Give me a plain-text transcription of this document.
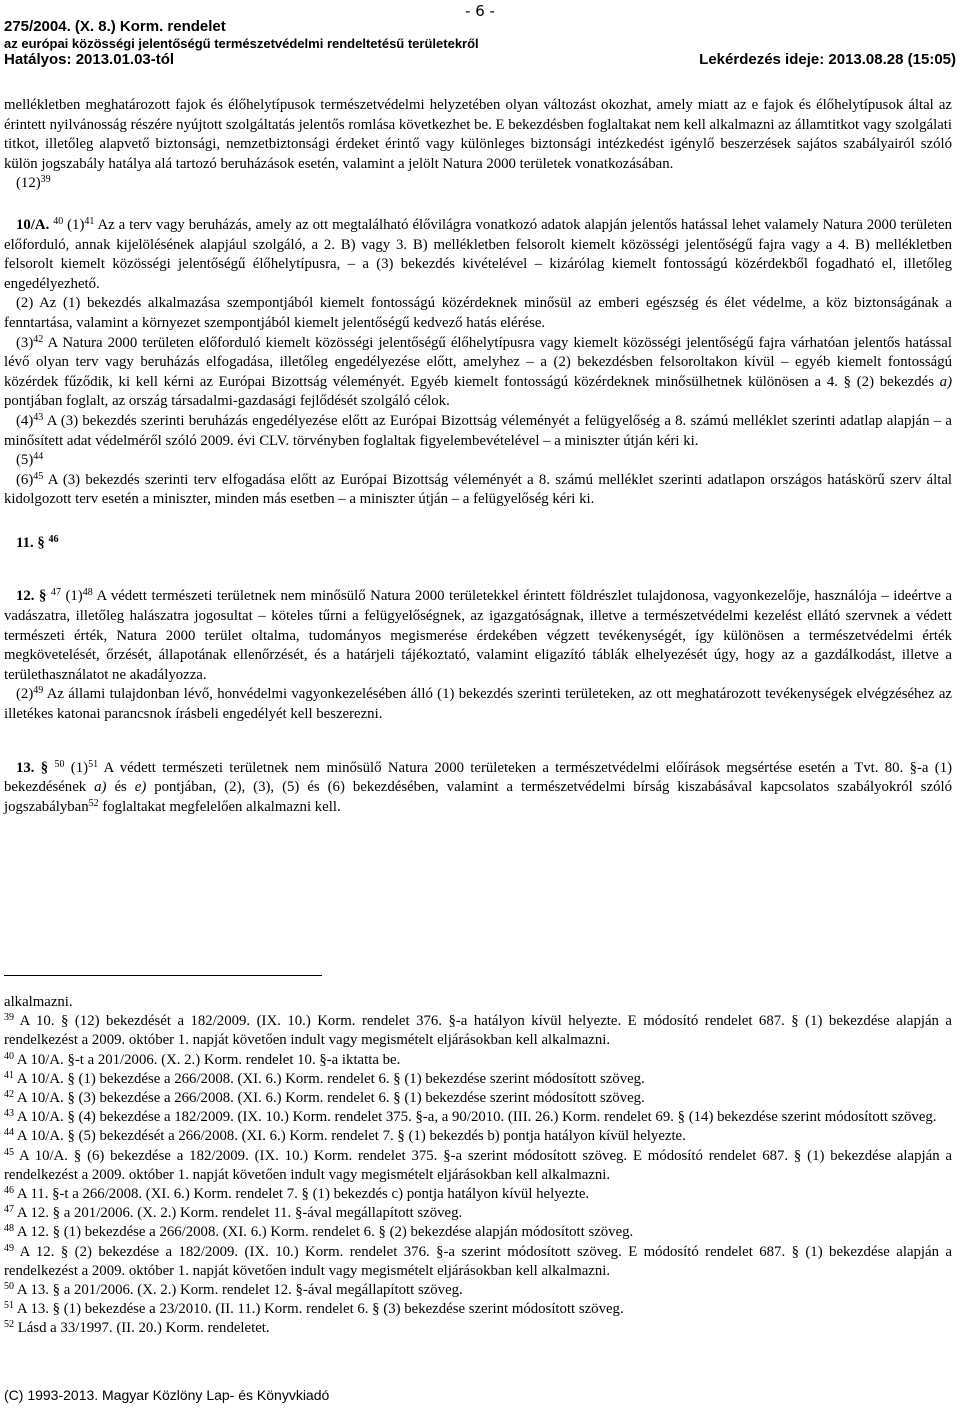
- 6 -
275/2004. (X. 8.) Korm. rendelet
az európai közösségi jelentőségű természetvédelmi rendeltetésű területekről
Hatályos: 2013.01.03-tól	Lekérdezés ideje: 2013.08.28 (15:05)

mellékletben meghatározott fajok és élőhelytípusok természetvédelmi helyzetében olyan változást okozhat, amely miatt az e fajok és élőhelytípusok által az érintett nyilvánosság részére nyújtott szolgáltatás jelentős romlása következhet be. E bekezdésben foglaltakat nem kell alkalmazni az államtitkot vagy szolgálati titkot, illetőleg alapvető biztonsági, nemzetbiztonsági érdeket érintő vagy különleges biztonsági intézkedést igénylő beszerzések sajátos szabályairól szóló külön jogszabály hatálya alá tartozó beruházások esetén, valamint a jelölt Natura 2000 területek vonatkozásában.

$(12)^{39}$

10/A. $^{40}$ $(1)^{41}$ Az a terv vagy beruházás, amely az ott megtalálható élővilágra vonatkozó adatok alapján jelentős hatással lehet valamely Natura 2000 területen előforduló, annak kijelölésének alapjául szolgáló, a 2. B) vagy 3. B) mellékletben felsorolt kiemelt közösségi jelentőségű fajra vagy a 4. B) mellékletben felsorolt kiemelt közösségi jelentőségű élőhelytípusra, – a (3) bekezdés kivételével – kizárólag kiemelt fontosságú közérdekből fogadható el, illetőleg engedélyezhető.

(2) Az (1) bekezdés alkalmazása szempontjából kiemelt fontosságú közérdeknek minősül az emberi egészség és élet védelme, a köz biztonságának a fenntartása, valamint a környezet szempontjából kiemelt jelentőségű kedvező hatás elérése.

$(3)^{42}$ A Natura 2000 területen előforduló kiemelt közösségi jelentőségű élőhelytípusra vagy kiemelt közösségi jelentőségű fajra várhatóan jelentős hatással lévő olyan terv vagy beruházás elfogadása, illetőleg engedélyezése előtt, amelyhez – a (2) bekezdésben felsoroltakon kívül – egyéb kiemelt fontosságú közérdek fűződik, ki kell kérni az Európai Bizottság véleményét. Egyéb kiemelt fontosságú közérdeknek minősülhetnek különösen a 4. § (2) bekezdés a) pontjában foglalt, az ország társadalmi-gazdasági fejlődését szolgáló célok.

$(4)^{43}$ A (3) bekezdés szerinti beruházás engedélyezése előtt az Európai Bizottság véleményét a felügyelőség a 8. számú melléklet szerinti adatlap alapján – a minősített adat védelméről szóló 2009. évi CLV. törvényben foglaltak figyelembevételével – a miniszter útján kéri ki.

$(5)^{44}$

$(6)^{45}$ A (3) bekezdés szerinti terv elfogadása előtt az Európai Bizottság véleményét a 8. számú melléklet szerinti adatlapon országos hatáskörű szerv által kidolgozott terv esetén a miniszter, minden más esetben – a miniszter útján – a felügyelőség kéri ki.

11. § $^{46}$

12. § $^{47}$ $(1)^{48}$ A védett természeti területnek nem minősülő Natura 2000 területekkel érintett földrészlet tulajdonosa, vagyonkezelője, használója – ideértve a vadászatra, illetőleg halászatra jogosultat – köteles tűrni a felügyelőségnek, az igazgatóságnak, illetve a természetvédelmi kezelést ellátó szervnek a védett természeti érték, Natura 2000 terület oltalma, tudományos megismerése érdekében végzett tevékenységét, így különösen a természetvédelmi érték megkövetelését, őrzését, állapotának ellenőrzését, és a határjeli tájékoztató, valamint eligazító táblák elhelyezését úgy, hogy az a gazdálkodást, illetve a területhasználatot ne akadályozza.

$(2)^{49}$ Az állami tulajdonban lévő, honvédelmi vagyonkezelésében álló (1) bekezdés szerinti területeken, az ott meghatározott tevékenységek elvégzéséhez az illetékes katonai parancsnok írásbeli engedélyét kell beszerezni.

13. § $^{50}$ $(1)^{51}$ A védett természeti területnek nem minősülő Natura 2000 területeken a természetvédelmi előírások megsértése esetén a Tvt. 80. §-a (1) bekezdésének a) és e) pontjában, (2), (3), (5) és (6) bekezdésében, valamint a természetvédelmi bírság kiszabásával kapcsolatos szabályokról szóló jogszabályban$^{52}$ foglaltakat megfelelően alkalmazni kell.

alkalmazni.

$^{39}$ A 10. § (12) bekezdését a 182/2009. (IX. 10.) Korm. rendelet 376. §-a hatályon kívül helyezte. E módosító rendelet 687. § (1) bekezdése alapján a rendelkezést a 2009. október 1. napját követően indult vagy megismételt eljárásokban kell alkalmazni.

$^{40}$ A 10/A. §-t a 201/2006. (X. 2.) Korm. rendelet 10. §-a iktatta be.

$^{41}$ A 10/A. § (1) bekezdése a 266/2008. (XI. 6.) Korm. rendelet 6. § (1) bekezdése szerint módosított szöveg.

$^{42}$ A 10/A. § (3) bekezdése a 266/2008. (XI. 6.) Korm. rendelet 6. § (1) bekezdése szerint módosított szöveg.

$^{43}$ A 10/A. § (4) bekezdése a 182/2009. (IX. 10.) Korm. rendelet 375. §-a, a 90/2010. (III. 26.) Korm. rendelet 69. § (14) bekezdése szerint módosított szöveg.

$^{44}$ A 10/A. § (5) bekezdését a 266/2008. (XI. 6.) Korm. rendelet 7. § (1) bekezdés b) pontja hatályon kívül helyezte.

$^{45}$ A 10/A. § (6) bekezdése a 182/2009. (IX. 10.) Korm. rendelet 375. §-a szerint módosított szöveg. E módosító rendelet 687. § (1) bekezdése alapján a rendelkezést a 2009. október 1. napját követően indult vagy megismételt eljárásokban kell alkalmazni.

$^{46}$ A 11. §-t a 266/2008. (XI. 6.) Korm. rendelet 7. § (1) bekezdés c) pontja hatályon kívül helyezte.

$^{47}$ A 12. § a 201/2006. (X. 2.) Korm. rendelet 11. §-ával megállapított szöveg.

$^{48}$ A 12. § (1) bekezdése a 266/2008. (XI. 6.) Korm. rendelet 6. § (2) bekezdése alapján módosított szöveg.

$^{49}$ A 12. § (2) bekezdése a 182/2009. (IX. 10.) Korm. rendelet 376. §-a szerint módosított szöveg. E módosító rendelet 687. § (1) bekezdése alapján a rendelkezést a 2009. október 1. napját követően indult vagy megismételt eljárásokban kell alkalmazni.

$^{50}$ A 13. § a 201/2006. (X. 2.) Korm. rendelet 12. §-ával megállapított szöveg.

$^{51}$ A 13. § (1) bekezdése a 23/2010. (II. 11.) Korm. rendelet 6. § (3) bekezdése szerint módosított szöveg.

$^{52}$ Lásd a 33/1997. (II. 20.) Korm. rendeletet.

(C) 1993-2013. Magyar Közlöny Lap- és Könyvkiadó
